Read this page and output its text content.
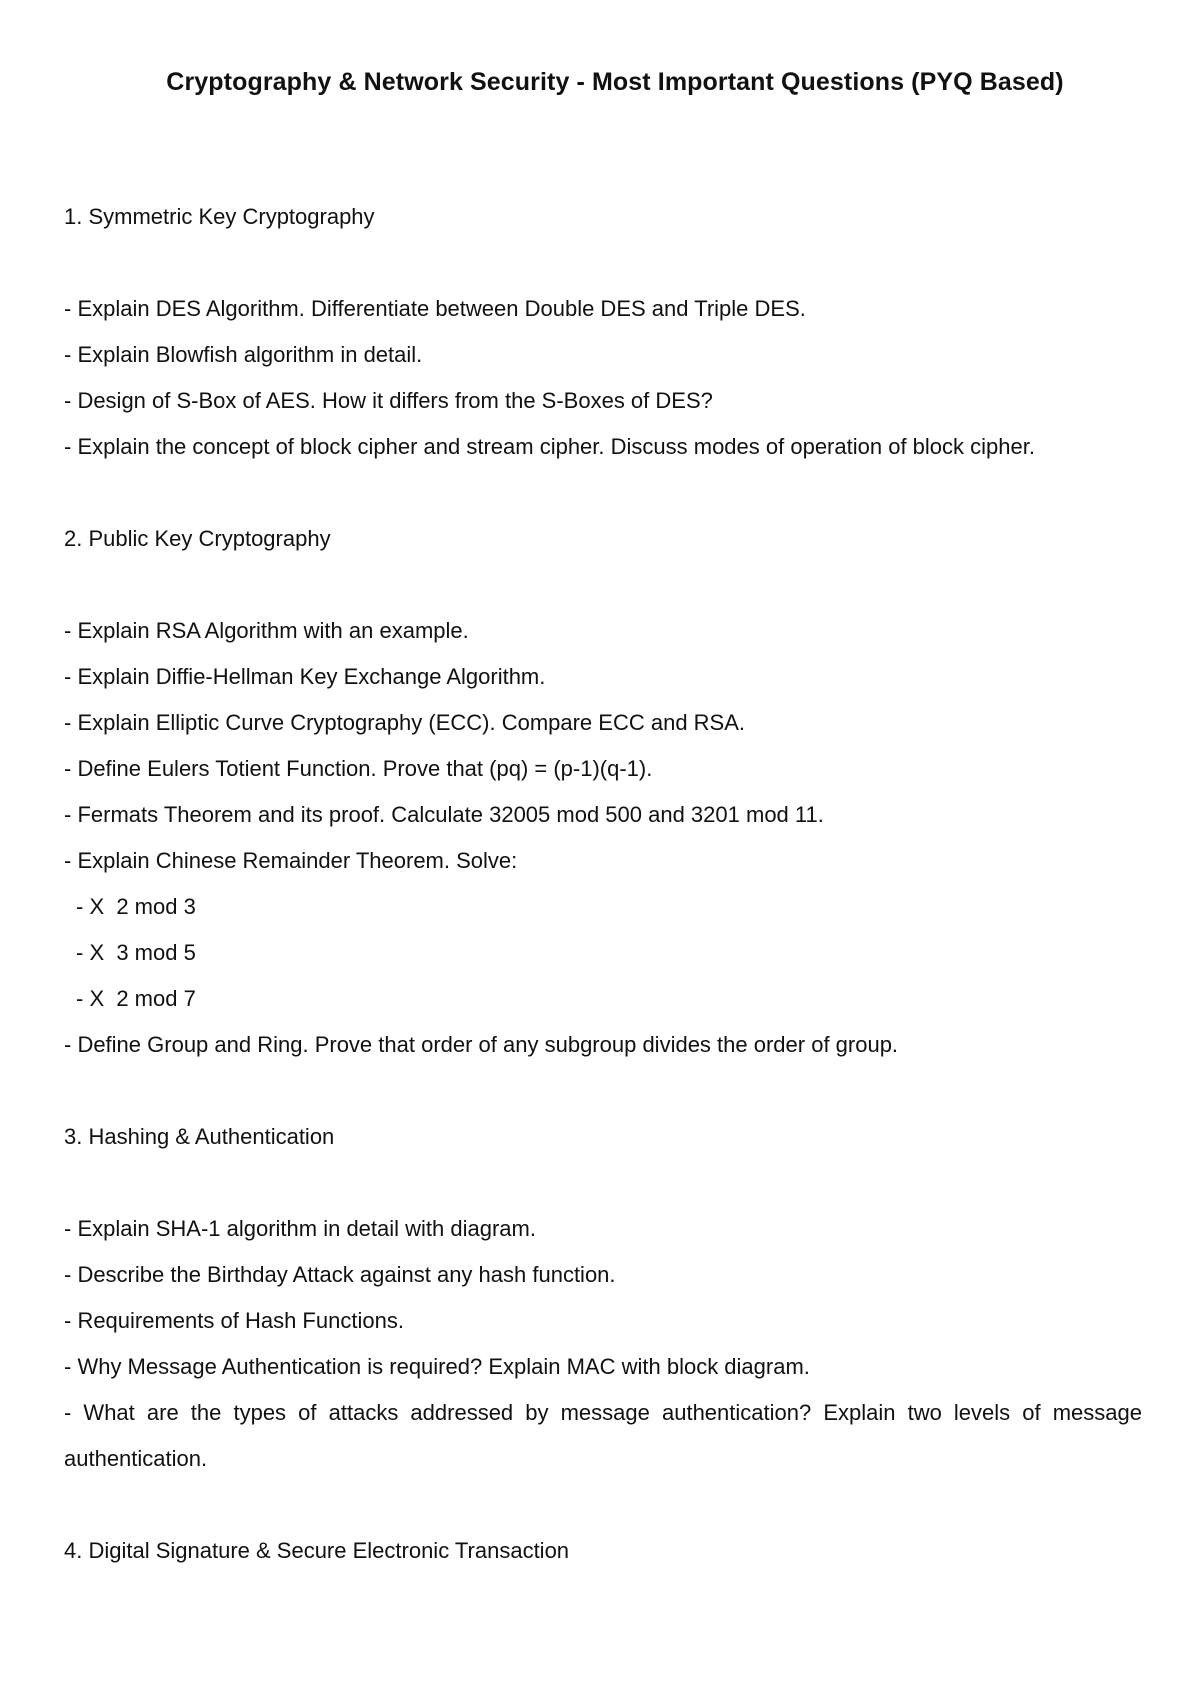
Cryptography & Network Security - Most Important Questions (PYQ Based)
1. Symmetric Key Cryptography
- Explain DES Algorithm. Differentiate between Double DES and Triple DES.
- Explain Blowfish algorithm in detail.
- Design of S-Box of AES. How it differs from the S-Boxes of DES?
- Explain the concept of block cipher and stream cipher. Discuss modes of operation of block cipher.
2. Public Key Cryptography
- Explain RSA Algorithm with an example.
- Explain Diffie-Hellman Key Exchange Algorithm.
- Explain Elliptic Curve Cryptography (ECC). Compare ECC and RSA.
- Define Eulers Totient Function. Prove that (pq) = (p-1)(q-1).
- Fermats Theorem and its proof. Calculate 32005 mod 500 and 3201 mod 11.
- Explain Chinese Remainder Theorem. Solve:
- X  2 mod 3
- X  3 mod 5
- X  2 mod 7
- Define Group and Ring. Prove that order of any subgroup divides the order of group.
3. Hashing & Authentication
- Explain SHA-1 algorithm in detail with diagram.
- Describe the Birthday Attack against any hash function.
- Requirements of Hash Functions.
- Why Message Authentication is required? Explain MAC with block diagram.
- What are the types of attacks addressed by message authentication? Explain two levels of message authentication.
4. Digital Signature & Secure Electronic Transaction
